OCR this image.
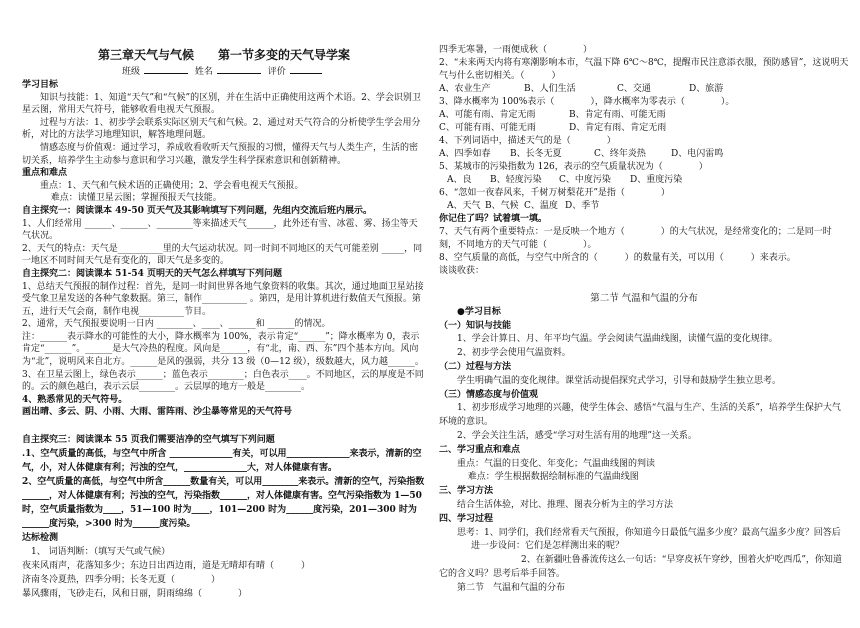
第三章天气与气候　　第一节多变的天气导学案

班级	姓名	评价

学习目标

知识与技能：1、知道“天气”和“气候”的区别，并在生活中正确使用这两个术语。2、学会识别卫星云图，常用天气符号，能够收看电视天气预报。

过程与方法：1、初步学会联系实际区别天气和气候。2、通过对天气符合的分析使学生学会用分析，对比的方法学习地理知识，解答地理问题。

情感态度与价值观：通过学习，养成收看收听天气预报的习惯，懂得天气与人类生产，生活的密切关系，培养学生主动参与意识和学习兴趣，激发学生科学探索意识和创新精神。

重点和难点

重点：1、天气和气候术语的正确使用；2、学会看电视天气预报。

难点：读懂卫星云图；掌握预报天气技能。

自主探究一：阅读课本 49-50 页天气及其影响填写下列问题，先组内交流后班内展示。

1、人们经常用 ______、______、________等来描述天气______，此外还有雪、冰雹、雾、扬尘等天气状况。

2、天气的特点：天气是__________里的大气运动状况。同一时间不同地区的天气可能差别 _____，同一地区不同时间天气是有变化的，即天气是多变的。

自主探究二：阅读课本 51-54 页明天的天气怎么样填写下列问题

1、总结天气预报的制作过程：首先，是同一时间世界各地气象资料的收集。其次，通过地面卫星站接受气象卫星发送的各种气象数据。第三，制作__________ 。第四，是用计算机进行数值天气预报。第五，进行天气会商，制作电视__________节目。

2、通常，天气预报要说明一日内 ________、____、______和 ______的情况。

注：______表示降水的可能性的大小，降水概率为 100%，表示肯定“______”；降水概率为 0，表示肯定“______”。______是大气冷热的程度。风向是______，有“北，南、西、东”四个基本方向。风向为“北”，说明风来自北方。______是风的强弱，共分 13 级（0—12 级），级数越大，风力越______。

3、在卫星云图上，绿色表示______；蓝色表示________；白色表示____。不同地区，云的厚度是不同的。云的颜色越白，表示云层________。云层厚的地方一般是________。

4、熟悉常见的天气符号。

画出晴、多云、阴、小雨、大雨、雷阵雨、沙尘暴等常见的天气符号

自主探究三：阅读课本 55 页我们需要洁净的空气填写下列问题

.1、空气质量的高低，与空气中所含 ______________有关，可以用______________来表示，清新的空气，小，对人体健康有利；污浊的空气，______________大，对人体健康有害。

2、空气质量的高低，与空气中所含______数量有关，可以用________来表示。清新的空气，污染指数______，对人体健康有利；污浊的空气，污染指数______，对人体健康有害。空气污染指数为 1—50 时，空气质量指数为____，51—100 时为____，101—200 时为______度污染，201—300 时为______度污染，>300 时为______度污染。

达标检测

1、 词语判断：（填写天气或气候）

夜来风雨声，花落知多少；东边日出西边雨，道是无晴却有晴（　　　）

济南冬冷夏热，四季分明；长冬无夏（　　　　）

暴风骤雨，飞砂走石，风和日丽，阴雨绵绵（　　　　）

四季无寒暑，一雨便成秋（　　　　）

2、“未来两天内将有寒潮影响本市，气温下降 6℃～8℃，提醒市民注意添衣服，预防感冒”，这说明天气与什么密切相关。（　　　）

A、农业生产	B、人们生活	C、交通	D、旅游

3、降水概率为 100%表示（　　　　），降水概率为零表示（　　　　）。

A、可能有雨、肯定无雨	B、肯定有雨、可能无雨
C、可能有雨、可能无雨	D、肯定有雨、肯定无雨

4、下列词语中，描述天气的是（　　　　）

A、四季如春	B、长冬无夏	C、终年炎热	D、电闪雷鸣

5、某城市的污染指数为 126，表示的空气质量状况为（　　　　）

A、良	B、轻度污染	C、中度污染	D、重度污染

6、“忽如一夜春风来，千树万树梨花开”是指（　　　　）

A、天气 B、气候 C、温度 D、季节

你记住了吗？试着填一填。

7、天气有两个重要特点：一是反映一个地方（　　　　）的大气状况，是经常变化的；二是同一时刻，不同地方的天气可能（　　　　）。

8、空气质量的高低，与空气中所含的（　　　）的数量有关，可以用（　　　）来表示。

谈谈收获：

第二节 气温和气温的分布

●学习目标

（一）知识与技能

1、学会计算日、月、年平均气温。学会阅读气温曲线图，读懂气温的变化规律。

2、初步学会使用气温资料。

（二）过程与方法

学生明确气温的变化规律。课堂活动提倡探究式学习，引导和鼓励学生独立思考。

（三）情感态度与价值观

1、初步形成学习地理的兴趣，使学生体会、感悟“气温与生产、生活的关系”，培养学生保护大气环境的意识。

2、学会关注生活，感受“学习对生活有用的地理”这一关系。

二、学习重点和难点

重点：气温的日变化、年变化；气温曲线图的判读

难点：学生根据数据绘制标准的气温曲线图

三、学习方法

结合生活体验，对比、推理、图表分析为主的学习方法

四、学习过程

思考：1、同学们，我们经常看天气预报，你知道今日最低气温多少度？最高气温多少度？回答后进一步设问：它们是怎样测出来的呢？

2、在新疆吐鲁番流传这么一句话：“早穿皮袄午穿纱，围着火炉吃西瓜”，你知道它的含义吗？思考后举手回答。

第二节　气温和气温的分布
